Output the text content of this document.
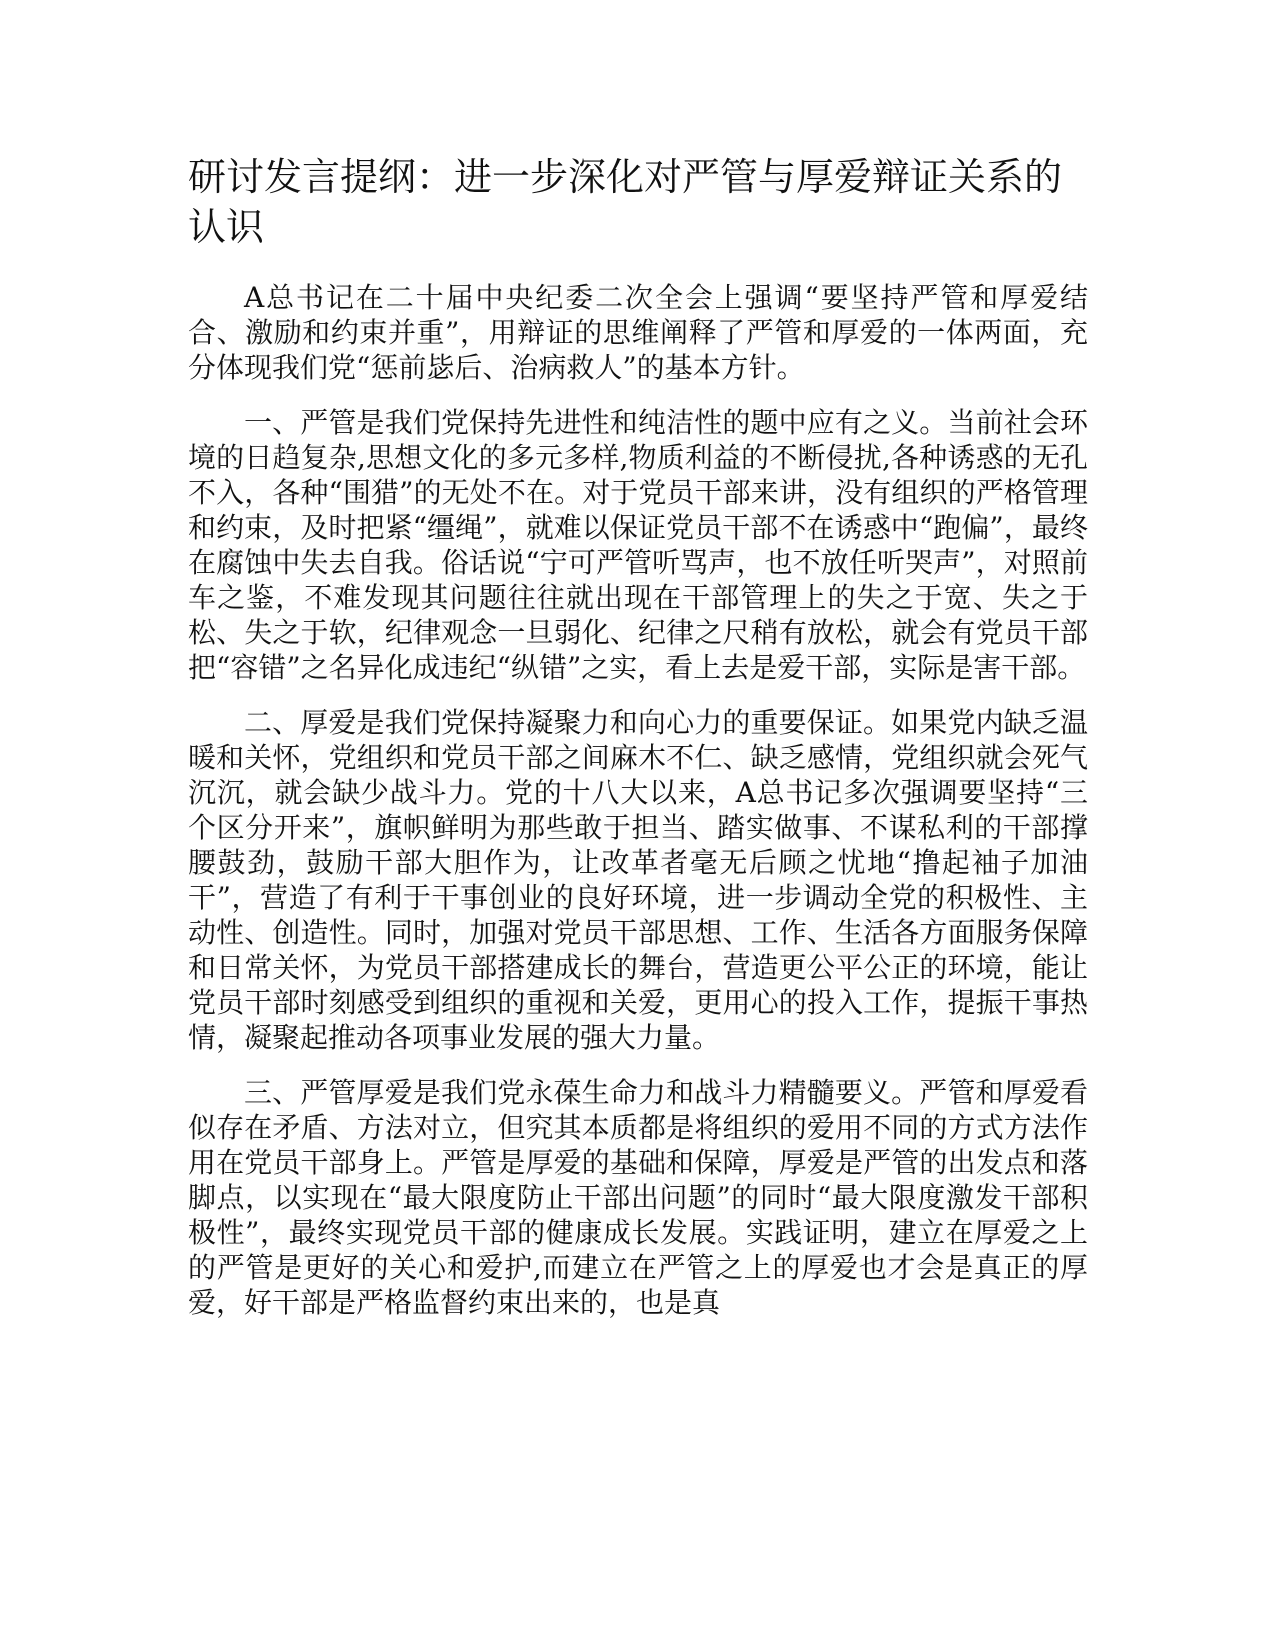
研讨发言提纲：进一步深化对严管与厚爱辩证关系的认识

A总书记在二十届中央纪委二次全会上强调“要坚持严管和厚爱结合、激励和约束并重”，用辩证的思维阐释了严管和厚爱的一体两面，充分体现我们党“惩前毖后、治病救人”的基本方针。

一、严管是我们党保持先进性和纯洁性的题中应有之义。当前社会环境的日趋复杂,思想文化的多元多样,物质利益的不断侵扰,各种诱惑的无孔不入，各种“围猎”的无处不在。对于党员干部来讲，没有组织的严格管理和约束，及时把紧“缰绳”，就难以保证党员干部不在诱惑中“跑偏”，最终在腐蚀中失去自我。俗话说“宁可严管听骂声，也不放任听哭声”，对照前车之鉴，不难发现其问题往往就出现在干部管理上的失之于宽、失之于松、失之于软，纪律观念一旦弱化、纪律之尺稍有放松，就会有党员干部把“容错”之名异化成违纪“纵错”之实，看上去是爱干部，实际是害干部。

二、厚爱是我们党保持凝聚力和向心力的重要保证。如果党内缺乏温暖和关怀，党组织和党员干部之间麻木不仁、缺乏感情，党组织就会死气沉沉，就会缺少战斗力。党的十八大以来，A总书记多次强调要坚持“三个区分开来”，旗帜鲜明为那些敢于担当、踏实做事、不谋私利的干部撑腰鼓劲，鼓励干部大胆作为，让改革者毫无后顾之忧地“撸起袖子加油干”，营造了有利于干事创业的良好环境，进一步调动全党的积极性、主动性、创造性。同时，加强对党员干部思想、工作、生活各方面服务保障和日常关怀，为党员干部搭建成长的舞台，营造更公平公正的环境，能让党员干部时刻感受到组织的重视和关爱，更用心的投入工作，提振干事热情，凝聚起推动各项事业发展的强大力量。

三、严管厚爱是我们党永葆生命力和战斗力精髓要义。严管和厚爱看似存在矛盾、方法对立，但究其本质都是将组织的爱用不同的方式方法作用在党员干部身上。严管是厚爱的基础和保障，厚爱是严管的出发点和落脚点，以实现在“最大限度防止干部出问题”的同时“最大限度激发干部积极性”，最终实现党员干部的健康成长发展。实践证明，建立在厚爱之上的严管是更好的关心和爱护,而建立在严管之上的厚爱也才会是真正的厚爱，好干部是严格监督约束出来的，也是真
